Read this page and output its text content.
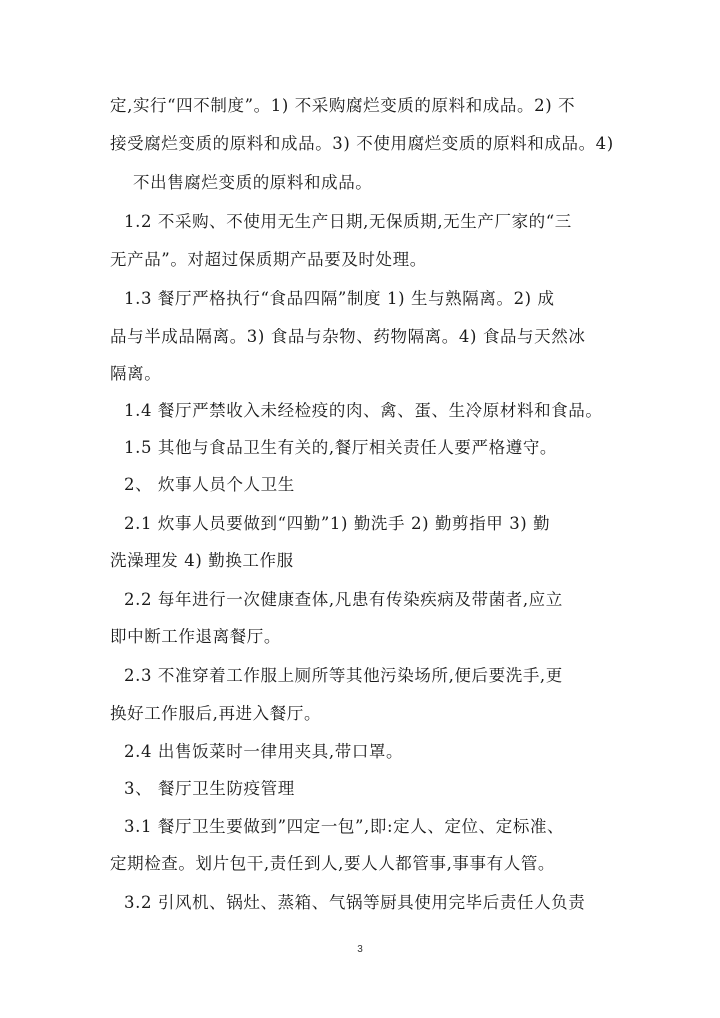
定,实行“四不制度”。1) 不采购腐烂变质的原料和成品。2) 不
接受腐烂变质的原料和成品。3) 不使用腐烂变质的原料和成品。4)
不出售腐烂变质的原料和成品。
1.2 不采购、不使用无生产日期,无保质期,无生产厂家的“三
无产品”。对超过保质期产品要及时处理。
1.3 餐厅严格执行“食品四隔”制度 1) 生与熟隔离。2) 成
品与半成品隔离。3) 食品与杂物、药物隔离。4) 食品与天然冰
隔离。
1.4 餐厅严禁收入未经检疫的肉、禽、蛋、生冷原材料和食品。
1.5 其他与食品卫生有关的,餐厅相关责任人要严格遵守。
2、 炊事人员个人卫生
2.1 炊事人员要做到“四勤”1) 勤洗手 2) 勤剪指甲 3) 勤
洗澡理发 4) 勤换工作服
2.2 每年进行一次健康查体,凡患有传染疾病及带菌者,应立
即中断工作退离餐厅。
2.3 不准穿着工作服上厕所等其他污染场所,便后要洗手,更
换好工作服后,再进入餐厅。
2.4 出售饭菜时一律用夹具,带口罩。
3、 餐厅卫生防疫管理
3.1 餐厅卫生要做到”四定一包”,即:定人、定位、定标准、
定期检查。划片包干,责任到人,要人人都管事,事事有人管。
3.2 引风机、锅灶、蒸箱、气锅等厨具使用完毕后责任人负责
3
